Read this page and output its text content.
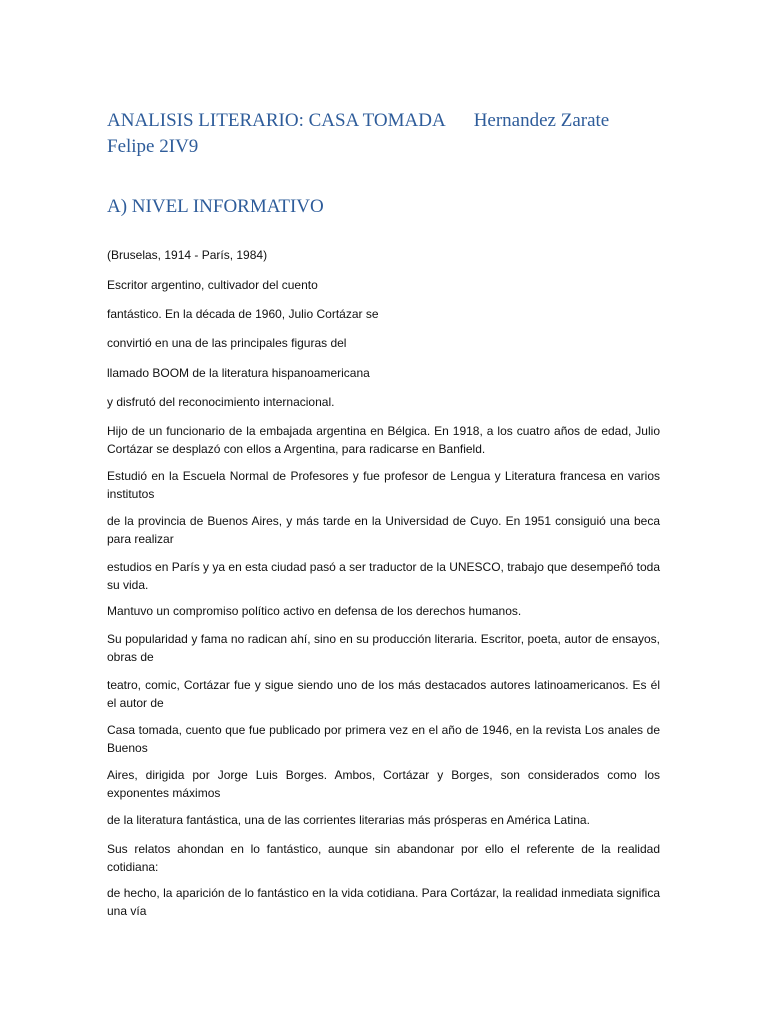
ANALISIS LITERARIO: CASA TOMADA Hernandez Zarate
Felipe 2IV9
A) NIVEL INFORMATIVO

(Bruselas, 1914 - París, 1984)

Escritor argentino, cultivador del cuento

fantástico. En la década de 1960, Julio Cortázar se

convirtió en una de las principales figuras del

llamado BOOM de la literatura hispanoamericana

y disfrutó del reconocimiento internacional.

Hijo de un funcionario de la embajada argentina en Bélgica. En 1918, a los cuatro años de edad, Julio Cortázar se desplazó con ellos a Argentina, para radicarse en Banfield.

Estudió en la Escuela Normal de Profesores y fue profesor de Lengua y Literatura francesa en varios institutos

de la provincia de Buenos Aires, y más tarde en la Universidad de Cuyo. En 1951 consiguió una beca para realizar

estudios en París y ya en esta ciudad pasó a ser traductor de la UNESCO, trabajo que desempeñó toda su vida.

Mantuvo un compromiso político activo en defensa de los derechos humanos.

Su popularidad y fama no radican ahí, sino en su producción literaria. Escritor, poeta, autor de ensayos, obras de

teatro, comic, Cortázar fue y sigue siendo uno de los más destacados autores latinoamericanos. Es él el autor de

Casa tomada, cuento que fue publicado por primera vez en el año de 1946, en la revista Los anales de Buenos

Aires, dirigida por Jorge Luis Borges. Ambos, Cortázar y Borges, son considerados como los exponentes máximos

de la literatura fantástica, una de las corrientes literarias más prósperas en América Latina.

Sus relatos ahondan en lo fantástico, aunque sin abandonar por ello el referente de la realidad cotidiana:

de hecho, la aparición de lo fantástico en la vida cotidiana. Para Cortázar, la realidad inmediata significa una vía
